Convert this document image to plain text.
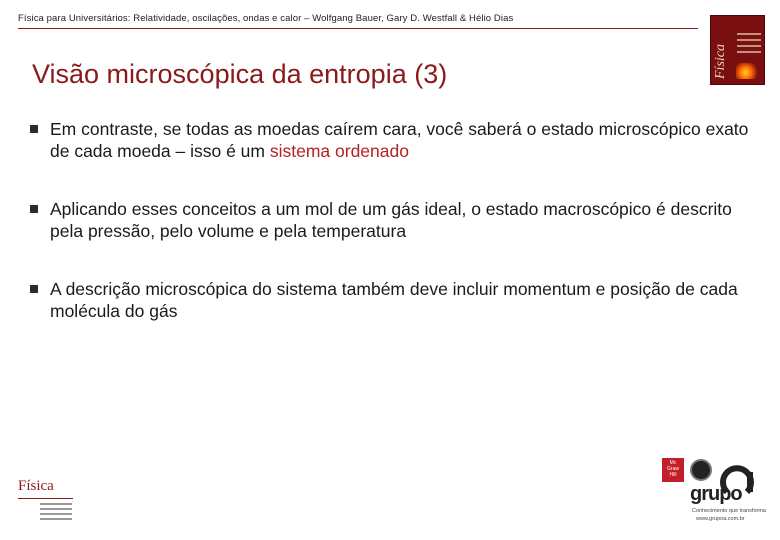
Física para Universitários: Relatividade, oscilações, ondas e calor – Wolfgang Bauer, Gary D. Westfall & Hélio Dias
Física
Visão microscópica da entropia (3)
Em contraste, se todas as moedas caírem cara, você saberá o estado microscópico exato de cada moeda – isso é um sistema ordenado
Aplicando esses conceitos a um mol de um gás ideal, o estado macroscópico é descrito pela pressão, pelo volume e pela temperatura
A descrição microscópica do sistema também deve incluir momentum e posição de cada molécula do gás
Física
Mc
Graw
Hill
grupo
Conhecimento que transforma
www.grupoa.com.br
